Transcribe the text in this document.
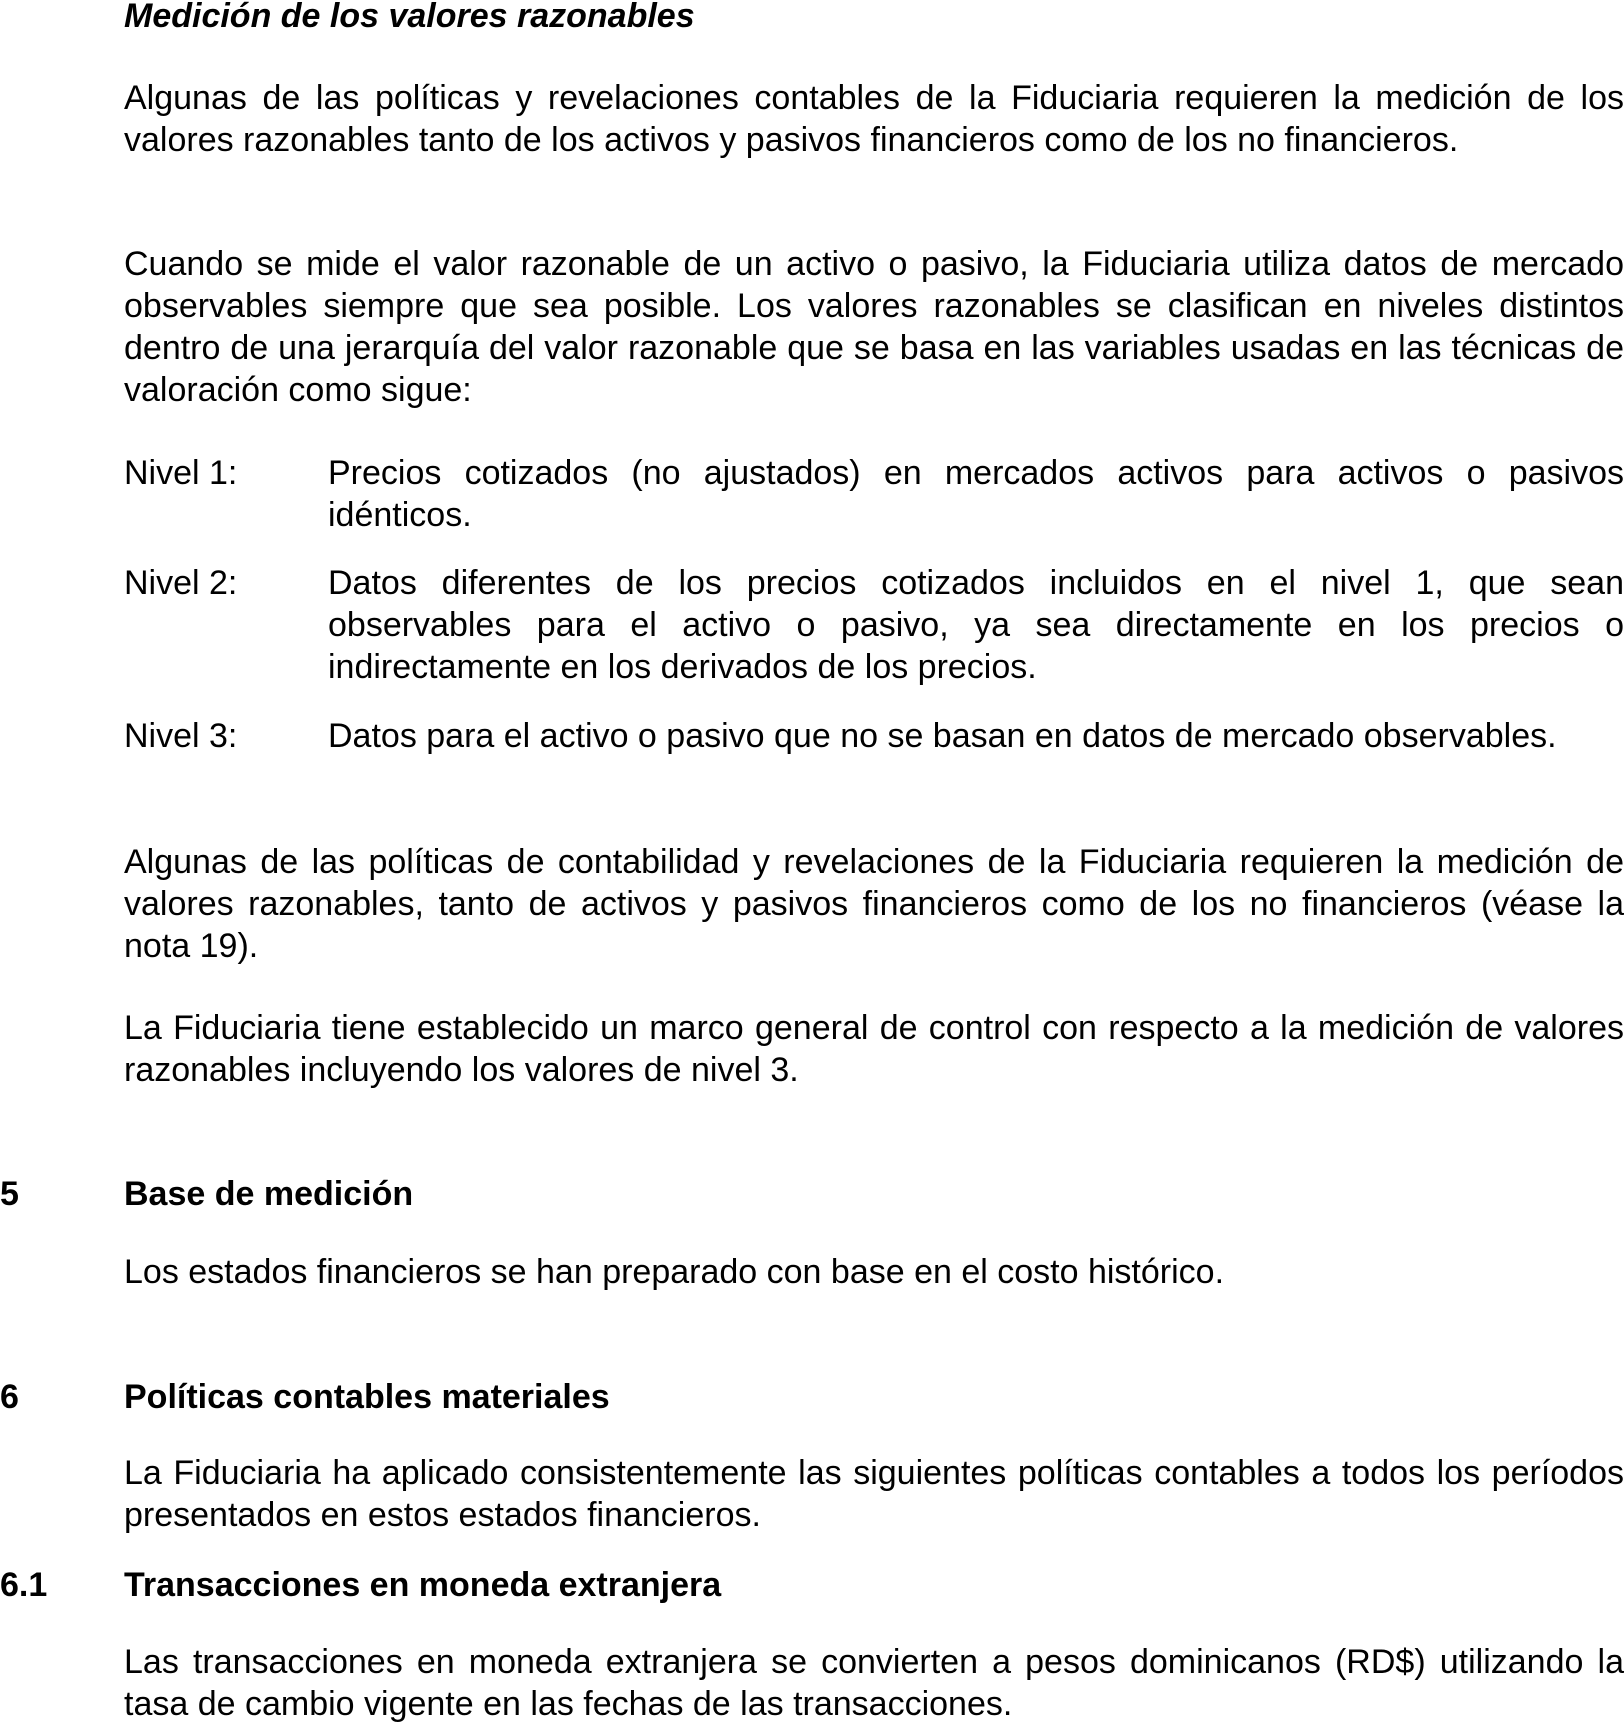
Medición de los valores razonables

Algunas de las políticas y revelaciones contables de la Fiduciaria requieren la medición de los valores razonables tanto de los activos y pasivos financieros como de los no financieros.

Cuando se mide el valor razonable de un activo o pasivo, la Fiduciaria utiliza datos de mercado observables siempre que sea posible. Los valores razonables se clasifican en niveles distintos dentro de una jerarquía del valor razonable que se basa en las variables usadas en las técnicas de valoración como sigue:

Nivel 1:	Precios cotizados (no ajustados) en mercados activos para activos o pasivos idénticos.
Nivel 2:	Datos diferentes de los precios cotizados incluidos en el nivel 1, que sean observables para el activo o pasivo, ya sea directamente en los precios o indirectamente en los derivados de los precios.
Nivel 3:	Datos para el activo o pasivo que no se basan en datos de mercado observables.

Algunas de las políticas de contabilidad y revelaciones de la Fiduciaria requieren la medición de valores razonables, tanto de activos y pasivos financieros como de los no financieros (véase la nota 19).

La Fiduciaria tiene establecido un marco general de control con respecto a la medición de valores razonables incluyendo los valores de nivel 3.

5	Base de medición

Los estados financieros se han preparado con base en el costo histórico.

6	Políticas contables materiales

La Fiduciaria ha aplicado consistentemente las siguientes políticas contables a todos los períodos presentados en estos estados financieros.

6.1	Transacciones en moneda extranjera

Las transacciones en moneda extranjera se convierten a pesos dominicanos (RD$) utilizando la tasa de cambio vigente en las fechas de las transacciones.
